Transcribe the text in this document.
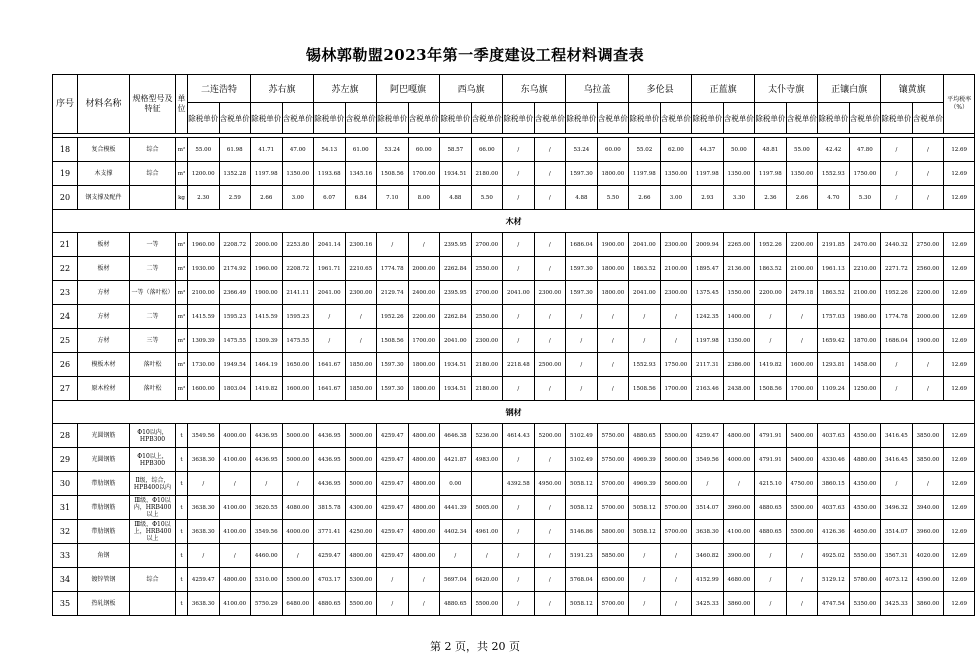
锡林郭勒盟2023年第一季度建设工程材料调查表
序号	材料名称	规格型号及特征	单位	二连浩特		苏右旗		苏左旗		阿巴嘎旗		西乌旗		东乌旗		乌拉盖		多伦县		正蓝旗		太仆寺旗		正镶白旗		镶黄旗		平均税率（%）
				除税单价	含税单价	除税单价	含税单价	除税单价	含税单价	除税单价	含税单价	除税单价	含税单价	除税单价	含税单价	除税单价	含税单价	除税单价	含税单价	除税单价	含税单价	除税单价	含税单价	除税单价	含税单价	除税单价	含税单价	

18	复合模板	综合	m²	55.00	61.98	41.71	47.00	54.13	61.00	53.24	60.00	58.57	66.00	/	/	53.24	60.00	55.02	62.00	44.37	50.00	48.81	55.00	42.42	47.80	/	/	12.69
19	木支撑	综合	m³	1200.00	1352.28	1197.98	1350.00	1193.68	1345.16	1508.56	1700.00	1934.51	2180.00	/	/	1597.30	1800.00	1197.98	1350.00	1197.98	1350.00	1197.98	1350.00	1552.93	1750.00	/	/	12.69
20	钢支撑及配件		kg	2.30	2.59	2.66	3.00	6.07	6.84	7.10	8.00	4.88	5.50	/	/	4.88	5.50	2.66	3.00	2.93	3.30	2.36	2.66	4.70	5.30	/	/	12.69
木材																												
21	板材	一等	m³	1960.00	2208.72	2000.00	2253.80	2041.14	2300.16	/	/	2395.95	2700.00	/	/	1686.04	1900.00	2041.00	2300.00	2009.94	2265.00	1952.26	2200.00	2191.85	2470.00	2440.32	2750.00	12.69
22	板材	二等	m³	1930.00	2174.92	1960.00	2208.72	1961.71	2210.65	1774.78	2000.00	2262.84	2550.00	/	/	1597.30	1800.00	1863.52	2100.00	1895.47	2136.00	1863.52	2100.00	1961.13	2210.00	2271.72	2560.00	12.69
23	方材	一等（落叶松）	m³	2100.00	2366.49	1900.00	2141.11	2041.00	2300.00	2129.74	2400.00	2395.95	2700.00	2041.00	2300.00	1597.30	1800.00	2041.00	2300.00	1375.45	1550.00	2200.00	2479.18	1863.52	2100.00	1952.26	2200.00	12.69
24	方材	二等	m³	1415.59	1595.23	1415.59	1595.23	/	/	1952.26	2200.00	2262.84	2550.00	/	/	/	/	/	/	1242.35	1400.00	/	/	1757.03	1980.00	1774.78	2000.00	12.69
25	方材	三等	m³	1309.39	1475.55	1309.39	1475.55	/	/	1508.56	1700.00	2041.00	2300.00	/	/	/	/	/	/	1197.98	1350.00	/	/	1659.42	1870.00	1686.04	1900.00	12.69
26	模板木材	落叶松	m³	1730.00	1949.54	1464.19	1650.00	1641.67	1850.00	1597.30	1800.00	1934.51	2180.00	2218.48	2500.00	/	/	1552.93	1750.00	2117.31	2386.00	1419.82	1600.00	1293.81	1458.00	/	/	12.69
27	原木栓材	落叶松	m³	1600.00	1803.04	1419.82	1600.00	1641.67	1850.00	1597.30	1800.00	1934.51	2180.00	/	/	/	/	1508.56	1700.00	2163.46	2438.00	1508.56	1700.00	1109.24	1250.00	/	/	12.69
钢材																												
28	光圆钢筋	Φ10以内，HPB300	t	3549.56	4000.00	4436.95	5000.00	4436.95	5000.00	4259.47	4800.00	4646.38	5236.00	4614.43	5200.00	5102.49	5750.00	4880.65	5500.00	4259.47	4800.00	4791.91	5400.00	4037.63	4550.00	3416.45	3850.00	12.69
29	光圆钢筋	Φ10以上，HPB300	t	3638.30	4100.00	4436.95	5000.00	4436.95	5000.00	4259.47	4800.00	4421.87	4983.00	/	/	5102.49	5750.00	4969.39	5600.00	3549.56	4000.00	4791.91	5400.00	4330.46	4880.00	3416.45	3850.00	12.69
30	带肋钢筋	Ⅱ级，综合，HPB400以内	t	/	/	/	/	4436.95	5000.00	4259.47	4800.00	0.00		4392.58	4950.00	5058.12	5700.00	4969.39	5600.00	/	/	4215.10	4750.00	3860.15	4350.00	/	/	12.69
31	带肋钢筋	Ⅲ级，Φ10以内，HRB400 以上	t	3638.30	4100.00	3620.55	4080.00	3815.78	4300.00	4259.47	4800.00	4441.39	5005.00	/	/	5058.12	5700.00	5058.12	5700.00	3514.07	3960.00	4880.65	5500.00	4037.63	4550.00	3496.32	3940.00	12.69
32	带肋钢筋	Ⅲ级，Φ10以上，HRB400 以上	t	3638.30	4100.00	3549.56	4000.00	3771.41	4250.00	4259.47	4800.00	4402.34	4961.00	/	/	5146.86	5800.00	5058.12	5700.00	3638.30	4100.00	4880.65	5500.00	4126.36	4650.00	3514.07	3960.00	12.69
33	角钢		t	/	/	4460.00	/	4259.47	4800.00	4259.47	4800.00	/	/	/	/	5191.23	5850.00	/	/	3460.82	3900.00	/	/	4925.02	5550.00	3567.31	4020.00	12.69
34	镀锌管钢	综合	t	4259.47	4800.00	5310.00	5500.00	4703.17	5300.00	/	/	5697.04	6420.00	/	/	5768.04	6500.00	/	/	4152.99	4680.00	/	/	5129.12	5780.00	4073.12	4590.00	12.69
35	热轧钢板		t	3638.30	4100.00	5750.29	6480.00	4880.65	5500.00	/	/	4880.65	5500.00	/	/	5058.12	5700.00	/	/	3425.33	3860.00	/	/	4747.54	5350.00	3425.33	3860.00	12.69
第 2 页，共 20 页
